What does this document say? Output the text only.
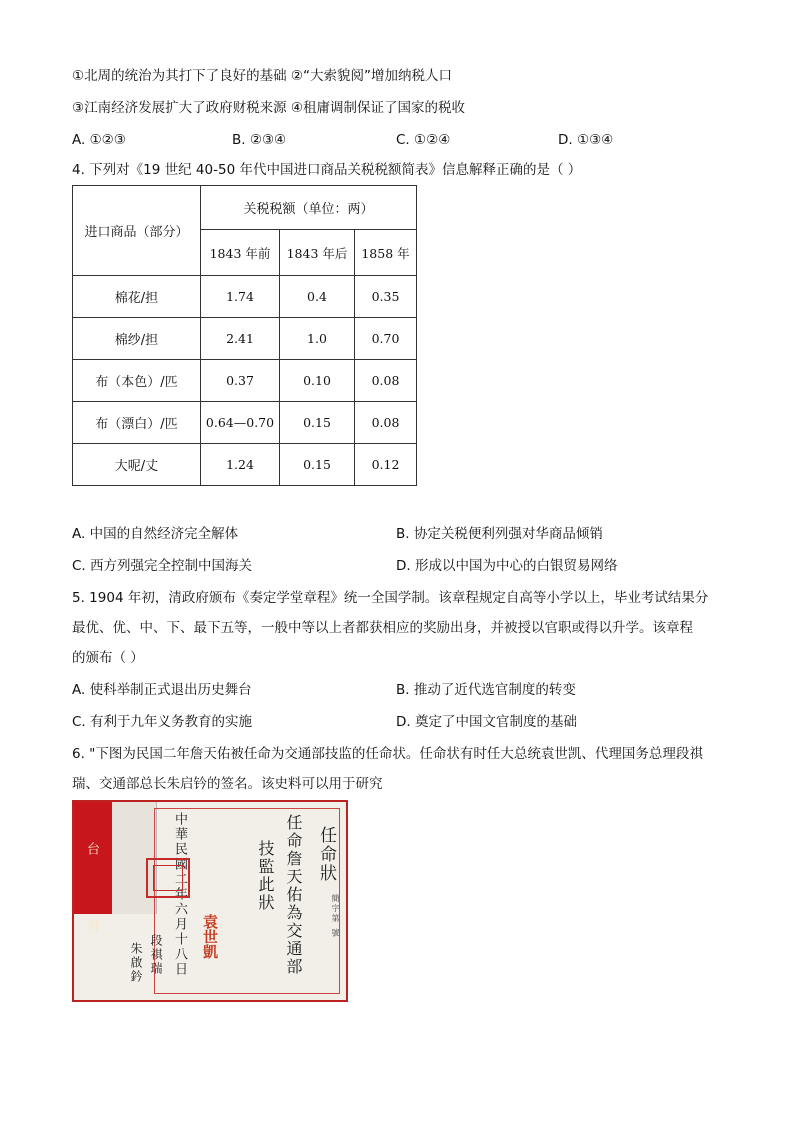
①北周的统治为其打下了良好的基础 ②“大索貌阅”增加纳税人口
③江南经济发展扩大了政府财税来源 ④租庸调制保证了国家的税收
A. ①②③	B. ②③④	C. ①②④	D. ①③④
4. 下列对《19 世纪 40-50 年代中国进口商品关税税额简表》信息解释正确的是（ ）
进口商品（部分）	关税税额（单位：两）		
	1843 年前	1843 年后	1858 年
棉花/担	1.74	0.4	0.35
棉纱/担	2.41	1.0	0.70
布（本色）/匹	0.37	0.10	0.08
布（漂白）/匹	0.64—0.70	0.15	0.08
大呢/丈	1.24	0.15	0.12
A. 中国的自然经济完全解体	B. 协定关税便利列强对华商品倾销
C. 西方列强完全控制中国海关	D. 形成以中国为中心的白银贸易网络
5. 1904 年初，清政府颁布《奏定学堂章程》统一全国学制。该章程规定自高等小学以上，毕业考试结果分
最优、优、中、下、最下五等，一般中等以上者都获相应的奖励出身，并被授以官职或得以升学。该章程
的颁布（ ）
A. 使科举制正式退出历史舞台	B. 推动了近代选官制度的转变
C. 有利于九年义务教育的实施	D. 奠定了中国文官制度的基础
6. "下图为民国二年詹天佑被任命为交通部技监的任命状。任命状有时任大总统袁世凯、代理国务总理段祺
瑞、交通部总长朱启钤的签名。该史料可以用于研究
台 發	任命狀
簡字第 號
任命詹天佑為交通部
技監此狀
中華民國二年六月十八日 袁世凱
段祺瑞
朱啟鈐
